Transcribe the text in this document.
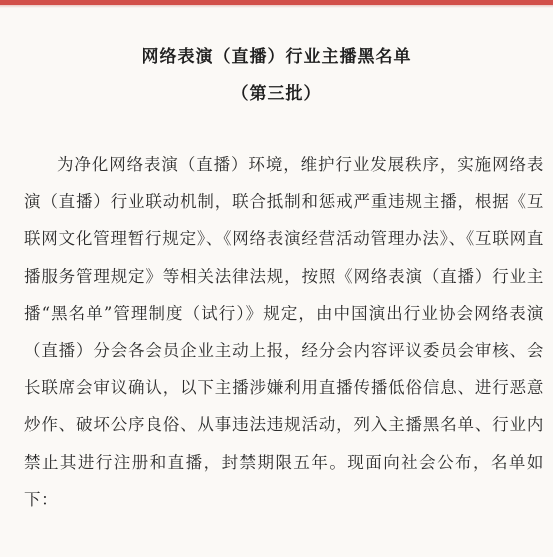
网络表演（直播）行业主播黑名单
（第三批）

为净化网络表演（直播）环境，维护行业发展秩序，实施网络表演（直播）行业联动机制，联合抵制和惩戒严重违规主播，根据《互联网文化管理暂行规定》、《网络表演经营活动管理办法》、《互联网直播服务管理规定》等相关法律法规，按照《网络表演（直播）行业主播“黑名单”管理制度（试行）》规定，由中国演出行业协会网络表演（直播）分会各会员企业主动上报，经分会内容评议委员会审核、会长联席会审议确认，以下主播涉嫌利用直播传播低俗信息、进行恶意炒作、破坏公序良俗、从事违法违规活动，列入主播黑名单、行业内禁止其进行注册和直播，封禁期限五年。现面向社会公布，名单如下：
